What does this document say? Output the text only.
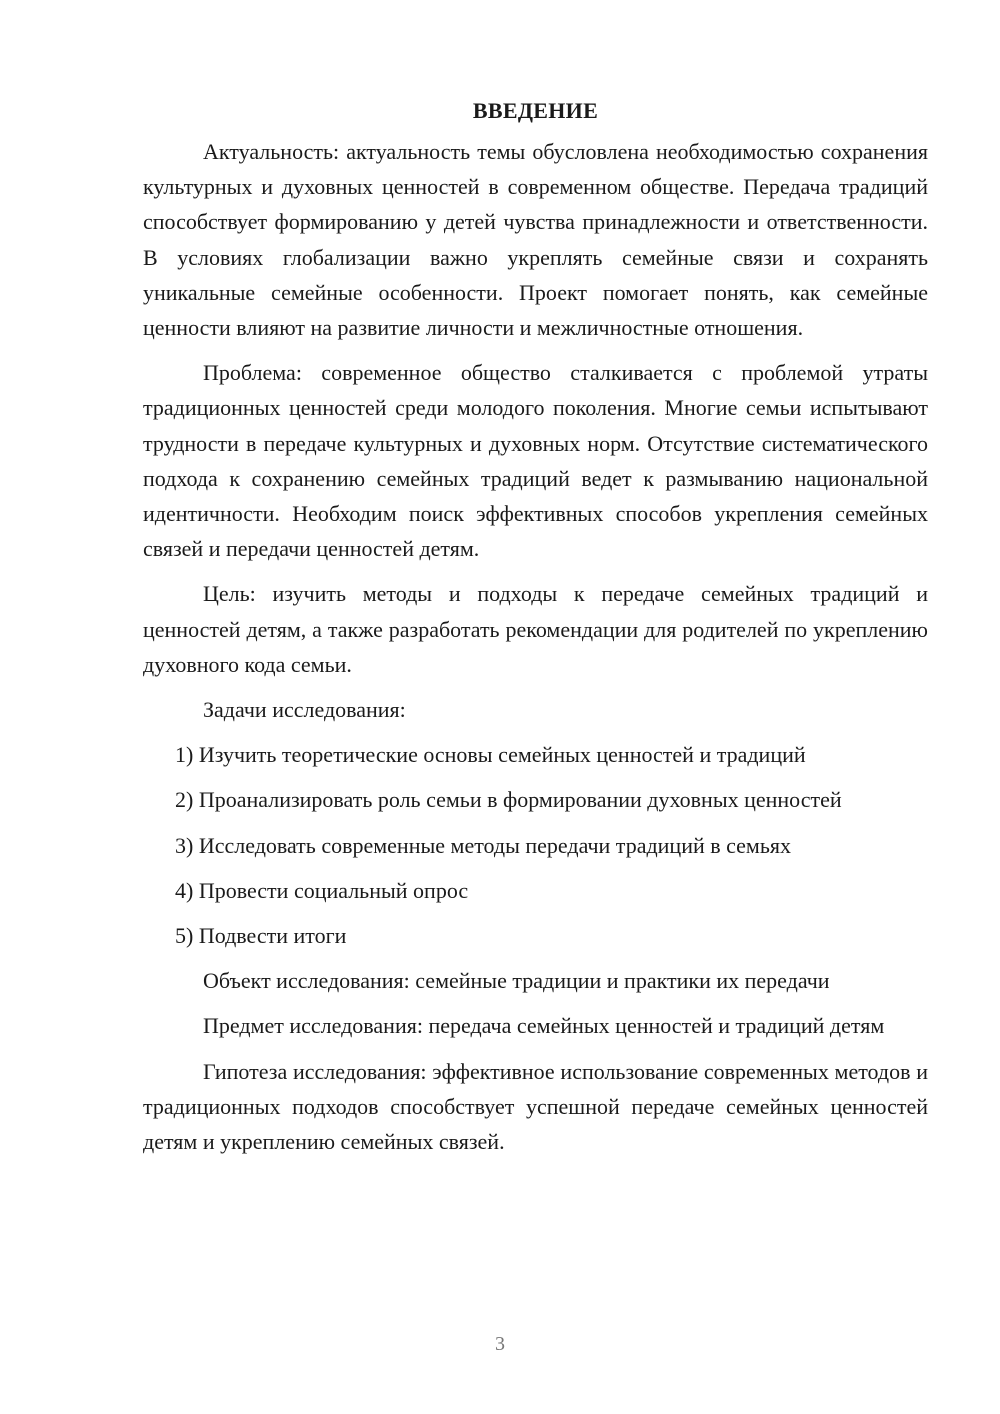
ВВЕДЕНИЕ

Актуальность: актуальность темы обусловлена необходимостью сохранения культурных и духовных ценностей в современном обществе. Передача традиций способствует формированию у детей чувства принадлежности и ответственности. В условиях глобализации важно укреплять семейные связи и сохранять уникальные семейные особенности. Проект помогает понять, как семейные ценности влияют на развитие личности и межличностные отношения.

Проблема: современное общество сталкивается с проблемой утраты традиционных ценностей среди молодого поколения. Многие семьи испытывают трудности в передаче культурных и духовных норм. Отсутствие систематического подхода к сохранению семейных традиций ведет к размыванию национальной идентичности. Необходим поиск эффективных способов укрепления семейных связей и передачи ценностей детям.

Цель: изучить методы и подходы к передаче семейных традиций и ценностей детям, а также разработать рекомендации для родителей по укреплению духовного кода семьи.

Задачи исследования:

1) Изучить теоретические основы семейных ценностей и традиций

2) Проанализировать роль семьи в формировании духовных ценностей

3) Исследовать современные методы передачи традиций в семьях

4) Провести социальный опрос

5) Подвести итоги

Объект исследования: семейные традиции и практики их передачи

Предмет исследования: передача семейных ценностей и традиций детям

Гипотеза исследования: эффективное использование современных методов и традиционных подходов способствует успешной передаче семейных ценностей детям и укреплению семейных связей.

3
